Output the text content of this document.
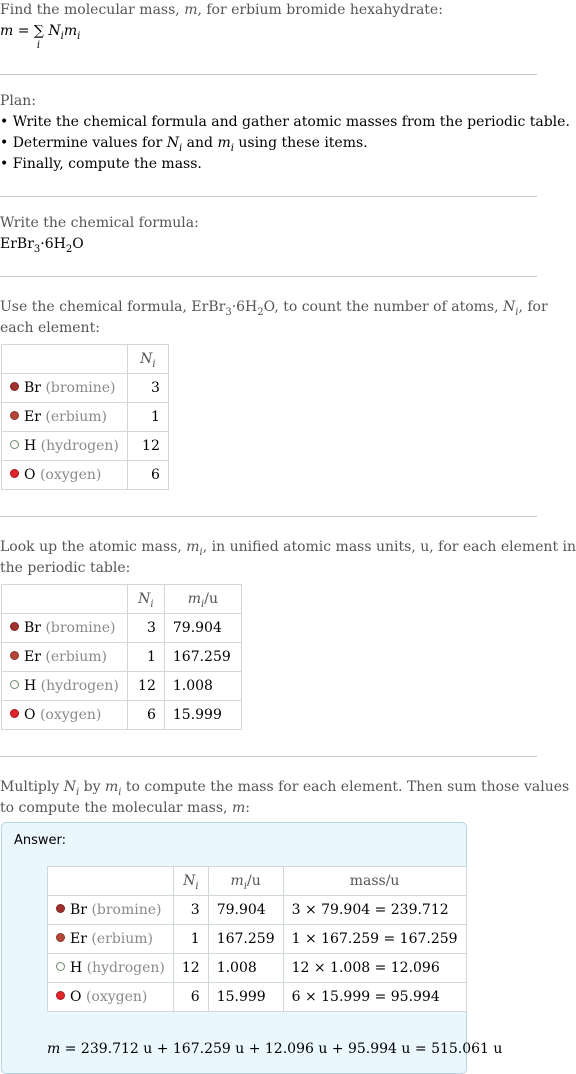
Find the molecular mass, m, for erbium bromide hexahydrate:

m = ∑
i
$N_im_i$

Plan:

• Write the chemical formula and gather atomic masses from the periodic table.

• Determine values for $N_i$ and $m_i$ using these items.

• Finally, compute the mass.

Write the chemical formula:

$ErBr_3\cdot 6H_2O$

Use the chemical formula, $ErBr_3\cdot 6H_2O$, to count the number of atoms, $N_i$, for

each element:

	$N_i$
Br (bromine)	3
Er (erbium)	1
H (hydrogen)	12
O (oxygen)	6

Look up the atomic mass, $m_i$, in unified atomic mass units, u, for each element in

the periodic table:

	$N_i$	$m_i/u$
Br (bromine)	3	79.904
Er (erbium)	1	167.259
H (hydrogen)	12	1.008
O (oxygen)	6	15.999

Multiply $N_i$ by $m_i$ to compute the mass for each element. Then sum those values

to compute the molecular mass, m:

Answer:
	$N_i$	$m_i/u$	mass/u
Br (bromine)	3	79.904	3 × 79.904 = 239.712
Er (erbium)	1	167.259	1 × 167.259 = 167.259
H (hydrogen)	12	1.008	12 × 1.008 = 12.096
O (oxygen)	6	15.999	6 × 15.999 = 95.994
m = 239.712 u + 167.259 u + 12.096 u + 95.994 u = 515.061 u
